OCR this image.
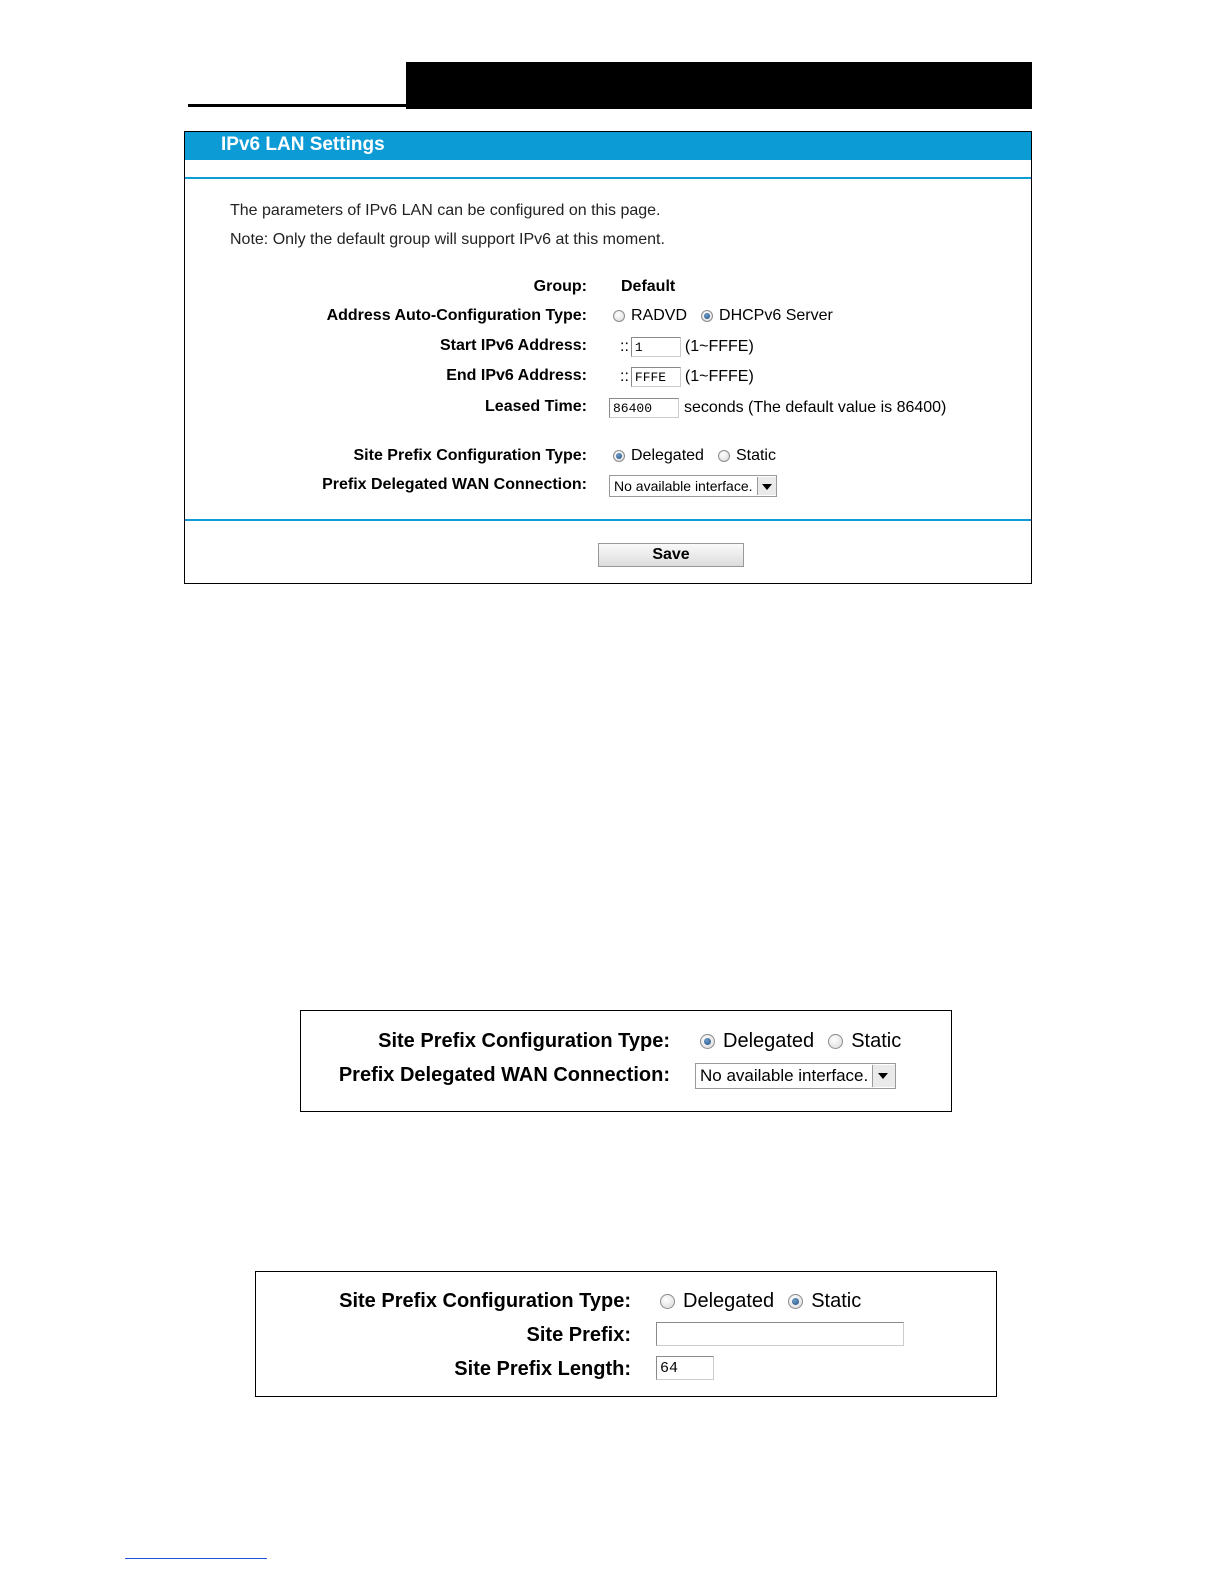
IPv6 LAN Settings
The parameters of IPv6 LAN can be configured on this page.
Note: Only the default group will support IPv6 at this moment.
Group: Default
Address Auto-Configuration Type:	RADVD DHCPv6 Server
Start IPv6 Address: :: 1	(1~FFFE)
End IPv6 Address: :: FFFE	(1~FFFE)
Leased Time:	86400	seconds (The default value is 86400)
Site Prefix Configuration Type:	Delegated Static
Prefix Delegated WAN Connection: No available interface.
Save
Site Prefix Configuration Type:	Delegated Static
Prefix Delegated WAN Connection: No available interface.
Site Prefix Configuration Type:	Delegated Static
Site Prefix:
Site Prefix Length: 64
